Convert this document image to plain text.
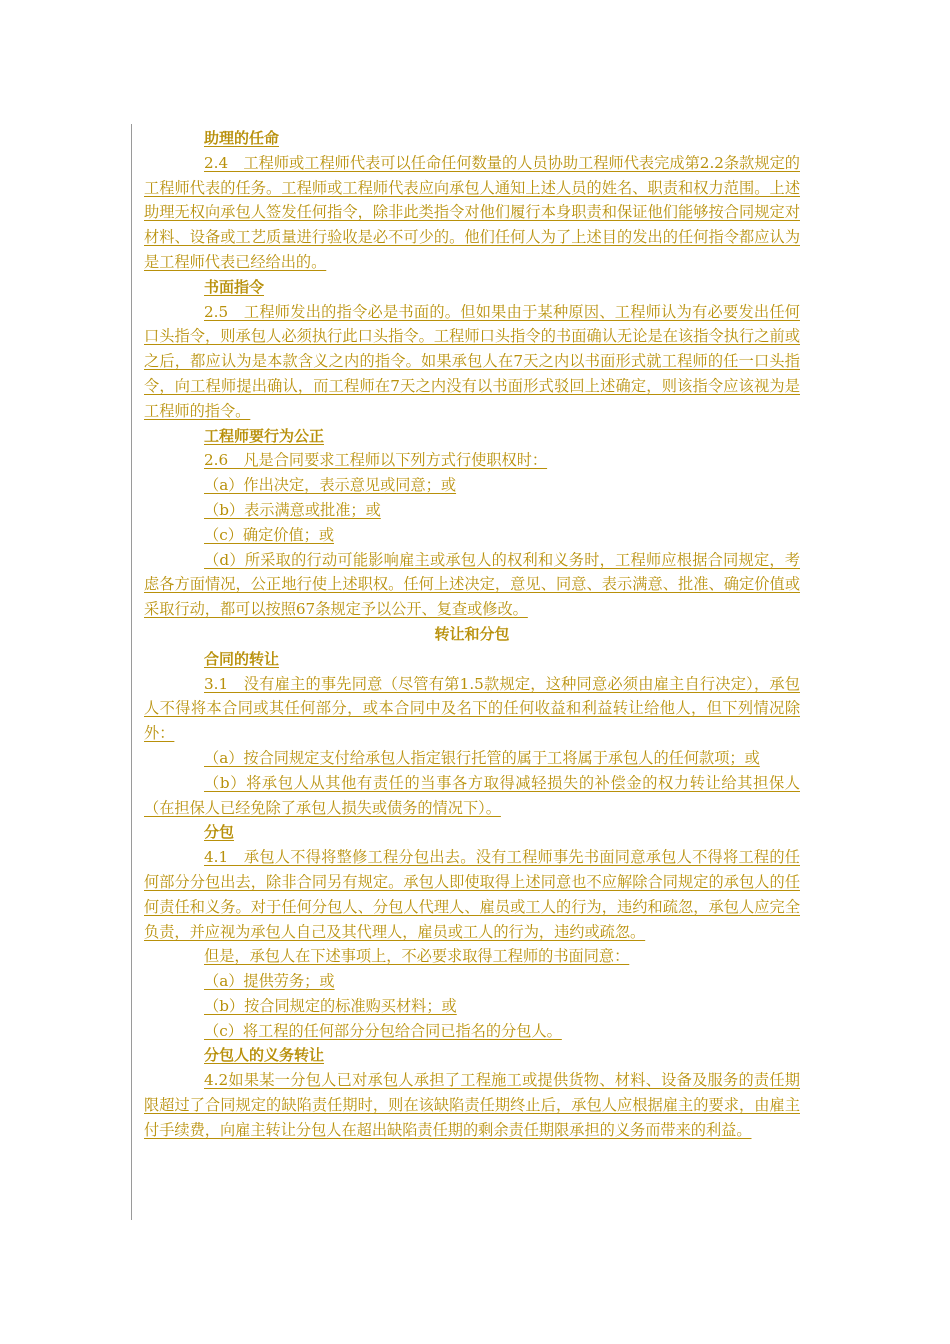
助理的任命

2.4　工程师或工程师代表可以任命任何数量的人员协助工程师代表完成第2.2条款规定的工程师代表的任务。工程师或工程师代表应向承包人通知上述人员的姓名、职责和权力范围。上述助理无权向承包人签发任何指令，除非此类指令对他们履行本身职责和保证他们能够按合同规定对材料、设备或工艺质量进行验收是必不可少的。他们任何人为了上述目的发出的任何指令都应认为是工程师代表已经给出的。

书面指令

2.5　工程师发出的指令必是书面的。但如果由于某种原因、工程师认为有必要发出任何口头指令，则承包人必须执行此口头指令。工程师口头指令的书面确认无论是在该指令执行之前或之后，都应认为是本款含义之内的指令。如果承包人在7天之内以书面形式就工程师的任一口头指令，向工程师提出确认，而工程师在7天之内没有以书面形式驳回上述确定，则该指令应该视为是工程师的指令。

工程师要行为公正

2.6　凡是合同要求工程师以下列方式行使职权时：

（a）作出决定，表示意见或同意；或

（b）表示满意或批准；或

（c）确定价值；或

（d）所采取的行动可能影响雇主或承包人的权利和义务时，工程师应根据合同规定，考虑各方面情况，公正地行使上述职权。任何上述决定，意见、同意、表示满意、批准、确定价值或采取行动，都可以按照67条规定予以公开、复查或修改。

转让和分包

合同的转让

3.1　没有雇主的事先同意（尽管有第1.5款规定，这种同意必须由雇主自行决定），承包人不得将本合同或其任何部分，或本合同中及名下的任何收益和利益转让给他人，但下列情况除外：

（a）按合同规定支付给承包人指定银行托管的属于工将属于承包人的任何款项；或

（b）将承包人从其他有责任的当事各方取得减轻损失的补偿金的权力转让给其担保人（在担保人已经免除了承包人损失或债务的情况下）。

分包

4.1　承包人不得将整修工程分包出去。没有工程师事先书面同意承包人不得将工程的任何部分分包出去，除非合同另有规定。承包人即使取得上述同意也不应解除合同规定的承包人的任何责任和义务。对于任何分包人、分包人代理人、雇员或工人的行为，违约和疏忽，承包人应完全负责，并应视为承包人自己及其代理人，雇员或工人的行为，违约或疏忽。

但是，承包人在下述事项上，不必要求取得工程师的书面同意：

（a）提供劳务；或

（b）按合同规定的标准购买材料；或

（c）将工程的任何部分分包给合同已指名的分包人。

分包人的义务转让

4.2如果某一分包人已对承包人承担了工程施工或提供货物、材料、设备及服务的责任期限超过了合同规定的缺陷责任期时，则在该缺陷责任期终止后，承包人应根据雇主的要求，由雇主付手续费，向雇主转让分包人在超出缺陷责任期的剩余责任期限承担的义务而带来的利益。
